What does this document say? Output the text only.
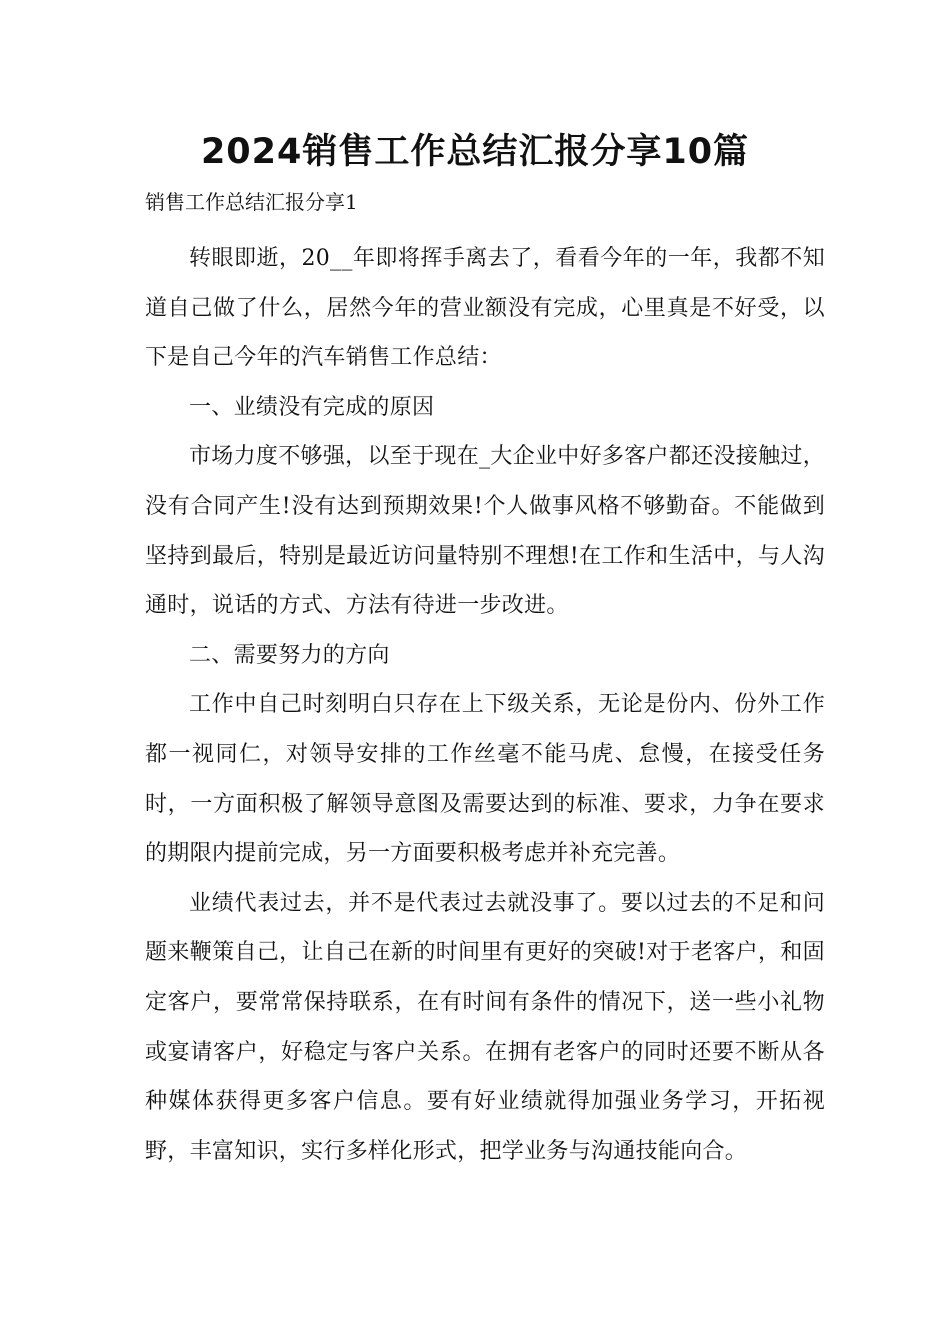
2024销售工作总结汇报分享10篇

销售工作总结汇报分享1

转眼即逝，20__年即将挥手离去了，看看今年的一年，我都不知道自己做了什么，居然今年的营业额没有完成，心里真是不好受，以下是自己今年的汽车销售工作总结：

一、业绩没有完成的原因

市场力度不够强，以至于现在_大企业中好多客户都还没接触过，没有合同产生!没有达到预期效果!个人做事风格不够勤奋。不能做到坚持到最后，特别是最近访问量特别不理想!在工作和生活中，与人沟通时，说话的方式、方法有待进一步改进。

二、需要努力的方向

工作中自己时刻明白只存在上下级关系，无论是份内、份外工作都一视同仁，对领导安排的工作丝毫不能马虎、怠慢，在接受任务时，一方面积极了解领导意图及需要达到的标准、要求，力争在要求的期限内提前完成，另一方面要积极考虑并补充完善。

业绩代表过去，并不是代表过去就没事了。要以过去的不足和问题来鞭策自己，让自己在新的时间里有更好的突破!对于老客户，和固定客户，要常常保持联系，在有时间有条件的情况下，送一些小礼物或宴请客户，好稳定与客户关系。在拥有老客户的同时还要不断从各种媒体获得更多客户信息。要有好业绩就得加强业务学习，开拓视野，丰富知识，实行多样化形式，把学业务与沟通技能向合。
